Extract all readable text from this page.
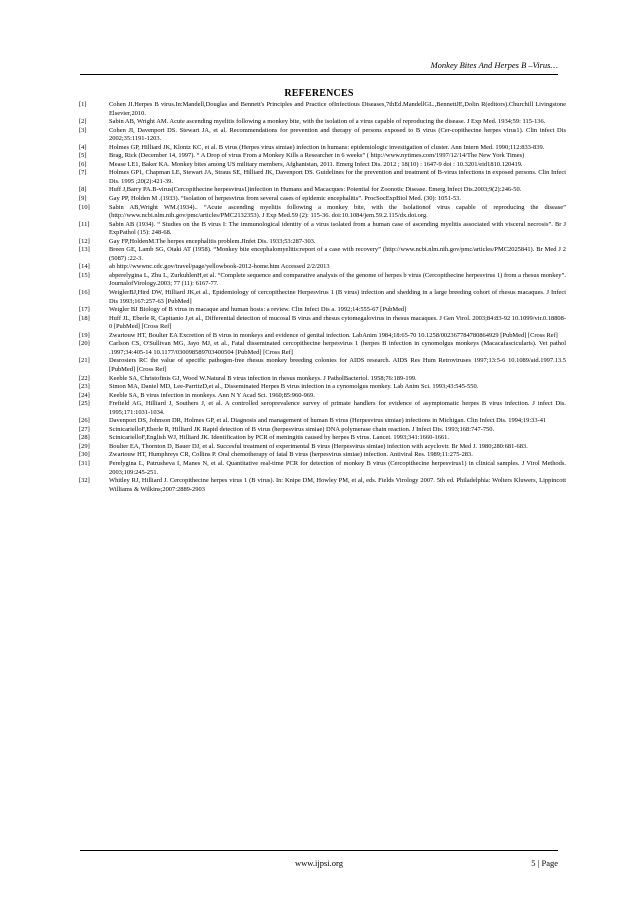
Monkey Bites And Herpes B –Virus…
REFERENCES
[1]	Cohen JI.Herpes B virus.In:Mandell,Douglas and Bennett's Principles and Practice ofInfectious Diseases,7thEd.MandellGL.,BennettJE,Dolin R(editors).Churchill Livingstone Elsevier,2010.
[2]	Sabin AB, Wright AM. Acute ascending myelitis following a monkey bite, with the isolation of a virus capable of reproducing the disease. J Exp Med. 1934;59: 115-136.
[3]	Cohen JI, Davenport DS. Stewart JA, et al. Recommendations for prevention and therapy of persons exposed to B virus (Cer-copithecine herpes virus1). Clin infect Dis 2002;35:1191-1203.
[4]	Holmes GP, Hilliard JK, Klontz KC, et al. B virus (Herpes virus simiae) infection in humans: epidemiologic investigation of cluster. Ann Intern Med. 1990;112:833-839.
[5]	Brag, Rick (December 14, 1997). “ A Drop of virus From a Monkey Kills a Researcher in 6 weeks” ( http://www.nytimes.com/1997/12/14/The New York Times)
[6]	Mease LE1, Baker KA. Monkey bites among US military members, Afghanistan, 2011. Emerg Infect Dis. 2012 ; 18(10) : 1647-9 doi : 10.3201/eid1810.120419.
[7]	Holmes GP1, Chapman LE, Stewart JA, Straus SE, Hilliard JK, Davenport DS. Guidelines for the prevention and treatment of B-virus infections in exposed persons. Clin Infect Dis. 1995 ;20(2):421-39.
[8]	Huff J,Barry PA.B-virus(Cercopithecine herpesvirus1)infection in Humans and Macacques: Potential for Zoonotic Disease. Emerg Infect Dis.2003;9(2):246-50.
[9]	Gay PP, Holden M .(1933). “Isolation of herpesvirus from several cases of epidemic encephalitis”. ProcSocExpBiol Med. (30): 1051-53.
[10]	Sabin AB,Wright WM.(1934).. “Acute ascending myelitis following a monkey bite, with the Isolationof virus capable of reproducing the disease” (http://www.ncbi.nlm.nih.gov/pmc/articles/PMC2132353). J Exp Med.59 (2): 115-36. doi:10.1084/jem.59.2.115/dx.doi.org.
[11]	Sabin AB (1934). “ Studies on the B virus I: The immunological identity of a virus isolated from a human case of ascending myelitis associated with visceral necrosis”. Br J ExpPathol (15): 248-68.
[12]	Gay FP,HoldenM.The herpes encephalitis problem.JInfet Dis. 1933;53:287-303.
[13]	Breen GE, Lamb SG, Otaki AT (1958). “Monkey bite encephalomyelitis:report of a case with recovery” (http://www.ncbi.nlm.nih.gov/pmc/articles/PMC2025841). Br Med J 2 (5087) :22-3.
[14]	ab http://wwwnc.cdc.gov/travel/page/yellowbook-2012-home.htm Accessed 2/2/2013
[15]	abperelygina L, Zhu L, ZurkuhlenH,et al. “Complete sequence and comparative analysis of the genome of herpes b virus (Cercopithecine herpesvirus 1) from a rhesus monkey”. JournalofVirology.2003; 77 (11): 6167-77.
[16]	WeiglerBJ,Hird DW, Hilliard JK,et al., Epidemiology of cercopithecine Herpesvirus 1 (B virus) infection and shedding in a large breeding cohort of rhesus macaques. J Infect Dis 1993;167:257-63 [PubMed]
[17]	Weigler BJ Biology of B virus in macaque and human hosts: a review. Clin Infect Dis a. 1992;14:555-67 [PubMed]
[18]	Huff JL, Eberle R, Capitanio J,et al., Differential detection of mucosal B virus and rhesus cytomegalovirus in rhesus macaques. J Gen Virol. 2003;84:83-92 10.1099/vir.0.18808-0 [PubMed] [Cross Ref]
[19]	Zwartouw HT, Boulter EA Excretion of B virus in monkeys and evidence of genital infection. LabAnim 1984;18:65-70 10.1258/002367784780864929 [PubMed] [Cross Ref]
[20]	Carlson CS, O'Sullivan MG, Jayo MJ, et al., Fatal disseminated cercopithecine herpesvirus 1 (herpes B infection in cynomolgus monkeys (Macacafascicularis). Vet pathol .1997;34:405-14 10.1177/030098589703400504 [PubMed] [Cross Ref]
[21]	Desrosiers RC the value of specific pathogen-free rhesus monkey breeding colonies for AIDS research. AIDS Res Hum Retroviruses 1997;13:5-6 10.1089/aid.1997.13.5 [PubMed] [Cross Ref]
[22]	Keeble SA, Christofinis GJ, Wood W.Natural B virus infection in rhesus monkeys. J PatholBacteriol. 1958;76:189-199.
[23]	Simon MA, Daniel MD, Lee-ParritzD,et al., Disseminated Herpes B virus infection in a cynomolgus monkey. Lab Anim Sci. 1993;43:545-550.
[24]	Keeble SA, B virus infection in monkeys. Ann N Y Acad Sci. 1960;85:960-969.
[25]	Frefield AG, Hilliard J, Southers J, et al. A controlled seroprevalence survey of primate handlers for evidence of asymptomatic herpes B virus infection. J infect Dis. 1995;171:1031-1034.
[26]	Davenport DS, Johnson DR, Holmes GP, et al. Diagnosis and management of human B virus (Herpesvirus simiae) infections in Michigan. Clin Infect Dis. 1994;19:33-41
[27]	ScinicarielloF,Eberle R, Hilliard JK Rapid detection of B virus (herpesvirus simiae) DNA polymerase chain reaction. J Infect Dis. 1993;168:747-750.
[28]	ScinicarielloF,English WJ, Hilliard JK. Identification by PCR of meningitis caused by herpes B virus. Lancet. 1993;341:1660-1661.
[29]	Boulter EA, Thornton D, Bauer DJ, et al. Succesful treatment of experimental B virus (Herpesvirus simiae) infection with acyclovir. Br Med J. 1980;280:681-683.
[30]	Zwartouw HT, Humphreys CR, Collins P. Oral chemotherapy of fatal B virus (herpesvirus simiae) infection. Antiviral Res. 1989;11:275-283.
[31]	Perelygina L, Patrusheva I, Manes N, et al. Quantitative real-time PCR for detection of monkey B virus (Cercopithecine herpesvirus1) in clinical samples. J Virol Methods. 2003;109:245-251.
[32]	Whitley RJ, Hilliard J. Cercopithecine herpes virus 1 (B virus). In: Knipe DM, Howley PM, et al, eds. Fields Virology 2007. 5th ed. Philadelphia: Wolters Kluwers, Lippincott Williams & Wilkins;2007:2889-2903
www.ijpsi.org	5 | Page
